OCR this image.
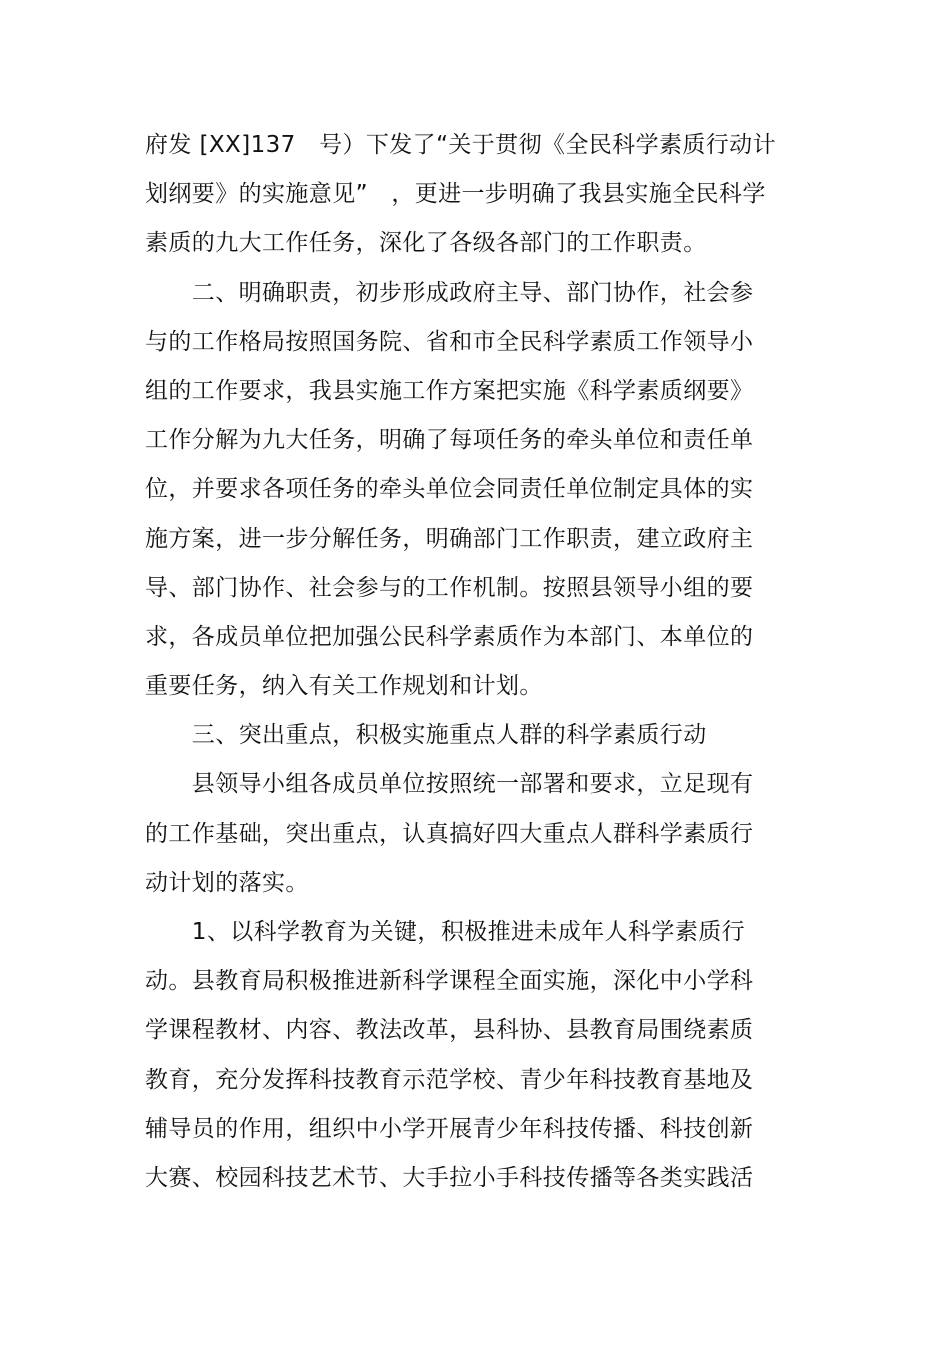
府发 [XX]137　号）下发了“关于贯彻《全民科学素质行动计
划纲要》的实施意见”　，更进一步明确了我县实施全民科学
素质的九大工作任务，深化了各级各部门的工作职责。
　　二、明确职责，初步形成政府主导、部门协作，社会参
与的工作格局按照国务院、省和市全民科学素质工作领导小
组的工作要求，我县实施工作方案把实施《科学素质纲要》
工作分解为九大任务，明确了每项任务的牵头单位和责任单
位，并要求各项任务的牵头单位会同责任单位制定具体的实
施方案，进一步分解任务，明确部门工作职责，建立政府主
导、部门协作、社会参与的工作机制。按照县领导小组的要
求，各成员单位把加强公民科学素质作为本部门、本单位的
重要任务，纳入有关工作规划和计划。
　　三、突出重点，积极实施重点人群的科学素质行动
　　县领导小组各成员单位按照统一部署和要求，立足现有
的工作基础，突出重点，认真搞好四大重点人群科学素质行
动计划的落实。
　　1、以科学教育为关键，积极推进未成年人科学素质行
动。县教育局积极推进新科学课程全面实施，深化中小学科
学课程教材、内容、教法改革，县科协、县教育局围绕素质
教育，充分发挥科技教育示范学校、青少年科技教育基地及
辅导员的作用，组织中小学开展青少年科技传播、科技创新
大赛、校园科技艺术节、大手拉小手科技传播等各类实践活
